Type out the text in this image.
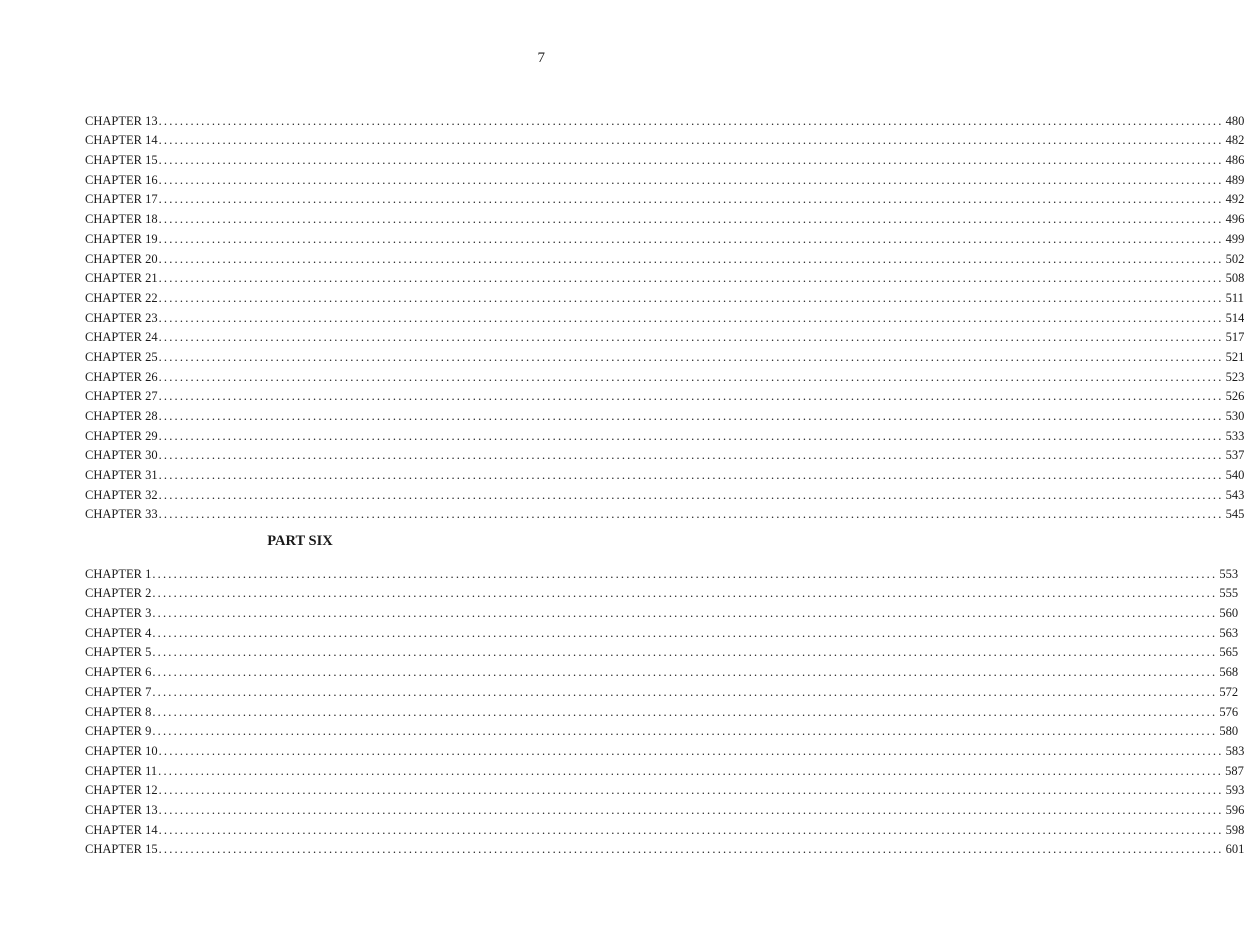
7
CHAPTER 13 ........................................................................................................................................................................................................ 480
CHAPTER 14 ........................................................................................................................................................................................................ 482
CHAPTER 15 ........................................................................................................................................................................................................ 486
CHAPTER 16 ........................................................................................................................................................................................................ 489
CHAPTER 17 ........................................................................................................................................................................................................ 492
CHAPTER 18 ........................................................................................................................................................................................................ 496
CHAPTER 19 ........................................................................................................................................................................................................ 499
CHAPTER 20 ........................................................................................................................................................................................................ 502
CHAPTER 21 ........................................................................................................................................................................................................ 508
CHAPTER 22 ........................................................................................................................................................................................................ 511
CHAPTER 23 ........................................................................................................................................................................................................ 514
CHAPTER 24 ........................................................................................................................................................................................................ 517
CHAPTER 25 ........................................................................................................................................................................................................ 521
CHAPTER 26 ........................................................................................................................................................................................................ 523
CHAPTER 27 ........................................................................................................................................................................................................ 526
CHAPTER 28 ........................................................................................................................................................................................................ 530
CHAPTER 29 ........................................................................................................................................................................................................ 533
CHAPTER 30 ........................................................................................................................................................................................................ 537
CHAPTER 31 ........................................................................................................................................................................................................ 540
CHAPTER 32 ........................................................................................................................................................................................................ 543
CHAPTER 33 ........................................................................................................................................................................................................ 545
PART SIX
CHAPTER 1 ........................................................................................................................................................................................................ 553
CHAPTER 2 ........................................................................................................................................................................................................ 555
CHAPTER 3 ........................................................................................................................................................................................................ 560
CHAPTER 4 ........................................................................................................................................................................................................ 563
CHAPTER 5 ........................................................................................................................................................................................................ 565
CHAPTER 6 ........................................................................................................................................................................................................ 568
CHAPTER 7 ........................................................................................................................................................................................................ 572
CHAPTER 8 ........................................................................................................................................................................................................ 576
CHAPTER 9 ........................................................................................................................................................................................................ 580
CHAPTER 10 ........................................................................................................................................................................................................ 583
CHAPTER 11 ........................................................................................................................................................................................................ 587
CHAPTER 12 ........................................................................................................................................................................................................ 593
CHAPTER 13 ........................................................................................................................................................................................................ 596
CHAPTER 14 ........................................................................................................................................................................................................ 598
CHAPTER 15 ........................................................................................................................................................................................................ 601
